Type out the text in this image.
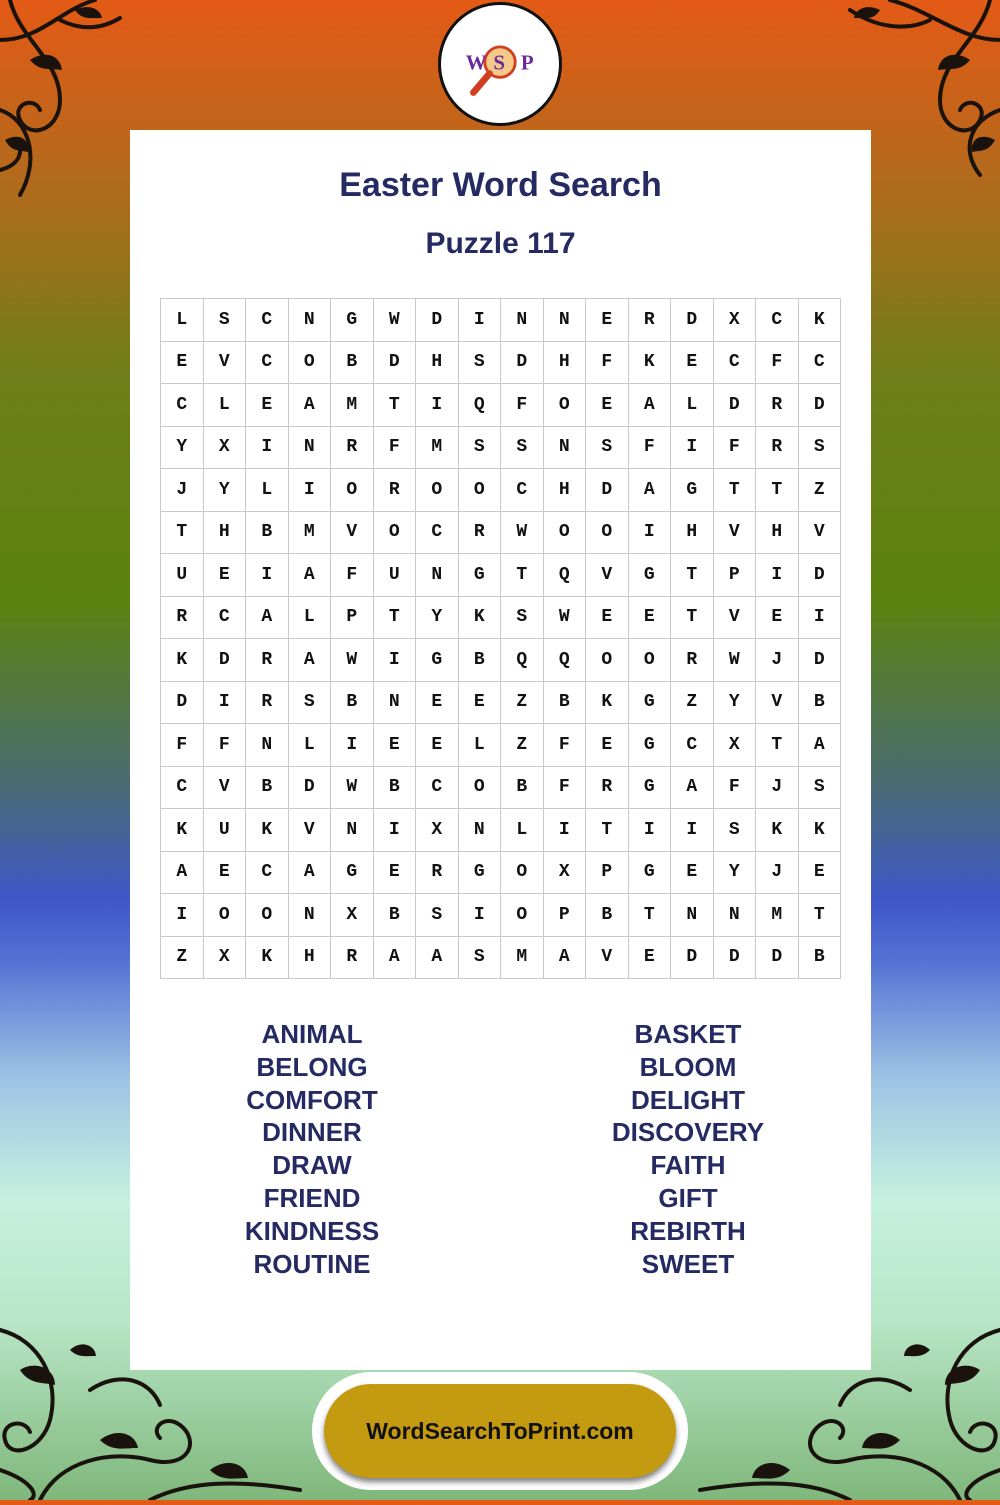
W S P
Easter Word Search
Puzzle 117
L	S	C	N	G	W	D	I	N	N	E	R	D	X	C	K
E	V	C	O	B	D	H	S	D	H	F	K	E	C	F	C
C	L	E	A	M	T	I	Q	F	O	E	A	L	D	R	D
Y	X	I	N	R	F	M	S	S	N	S	F	I	F	R	S
J	Y	L	I	O	R	O	O	C	H	D	A	G	T	T	Z
T	H	B	M	V	O	C	R	W	O	O	I	H	V	H	V
U	E	I	A	F	U	N	G	T	Q	V	G	T	P	I	D
R	C	A	L	P	T	Y	K	S	W	E	E	T	V	E	I
K	D	R	A	W	I	G	B	Q	Q	O	O	R	W	J	D
D	I	R	S	B	N	E	E	Z	B	K	G	Z	Y	V	B
F	F	N	L	I	E	E	L	Z	F	E	G	C	X	T	A
C	V	B	D	W	B	C	O	B	F	R	G	A	F	J	S
K	U	K	V	N	I	X	N	L	I	T	I	I	S	K	K
A	E	C	A	G	E	R	G	O	X	P	G	E	Y	J	E
I	O	O	N	X	B	S	I	O	P	B	T	N	N	M	T
Z	X	K	H	R	A	A	S	M	A	V	E	D	D	D	B
ANIMAL
BELONG
COMFORT
DINNER
DRAW
FRIEND
KINDNESS
ROUTINE
BASKET
BLOOM
DELIGHT
DISCOVERY
FAITH
GIFT
REBIRTH
SWEET
WordSearchToPrint.com
